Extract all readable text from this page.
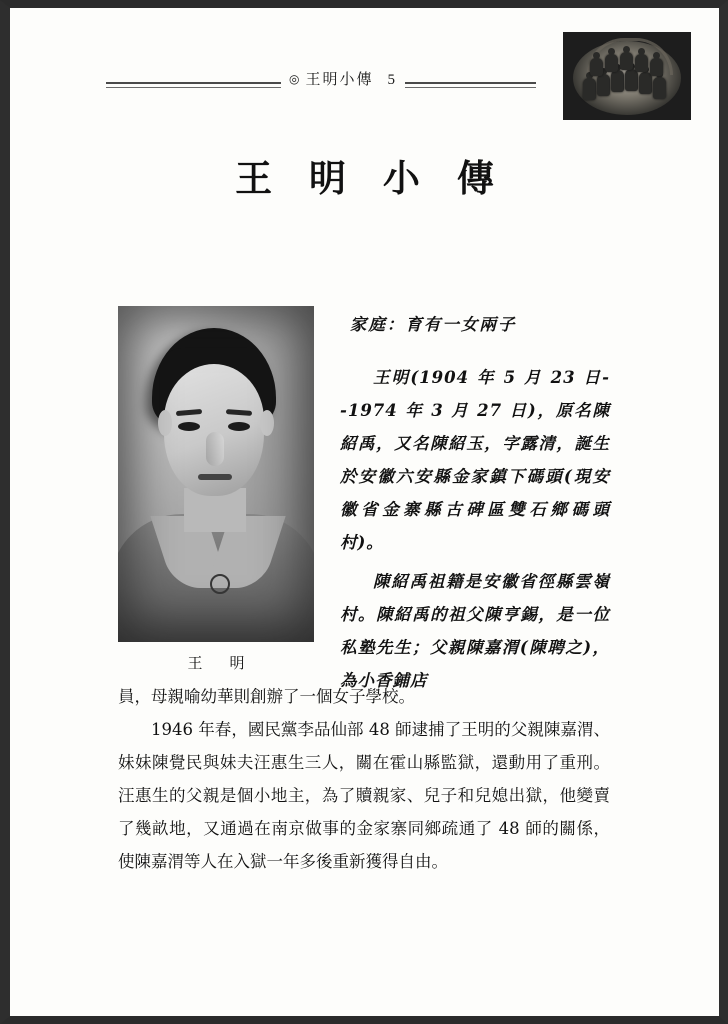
◎ 王明小傳 5
王 明 小 傳
王　明

家庭：育有一女兩子

王明(1904 年 5 月 23 日--1974 年 3 月 27 日)，原名陳紹禹，又名陳紹玉，字露清，誕生於安徽六安縣金家鎮下碼頭(現安徽省金寨縣古碑區雙石鄉碼頭村)。

陳紹禹祖籍是安徽省徑縣雲嶺村。陳紹禹的祖父陳亨錫，是一位私塾先生；父親陳嘉渭(陳聘之)，為小香鋪店

員，母親喻幼華則創辦了一個女子學校。

1946 年春，國民黨李品仙部 48 師逮捕了王明的父親陳嘉渭、妹妹陳覺民與妹夫汪惠生三人，關在霍山縣監獄，還動用了重刑。汪惠生的父親是個小地主，為了贖親家、兒子和兒媳出獄，他變賣了幾畝地，又通過在南京做事的金家寨同鄉疏通了 48 師的關係，使陳嘉渭等人在入獄一年多後重新獲得自由。
